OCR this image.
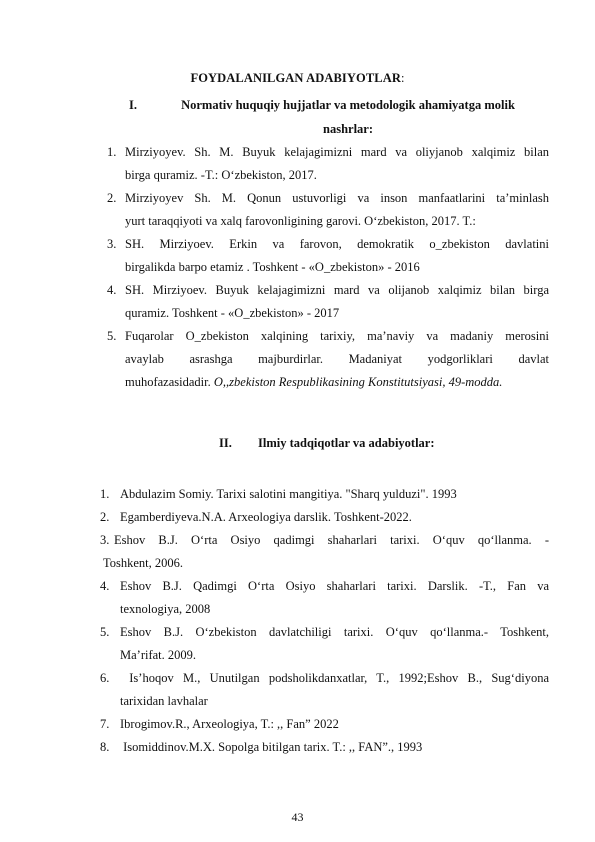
FOYDALANILGAN ADABIYOTLAR:
I.	Normativ huquqiy hujjatlar va metodologik ahamiyatga molik
nashrlar:
1. Mirziyoyev. Sh. M. Buyuk kelajagimizni mard va oliyjanob xalqimiz bilan
birga quramiz. -T.: O‘zbekiston, 2017.
2. Mirziyoyev Sh. M. Qonun ustuvorligi va inson manfaatlarini ta’minlash
yurt taraqqiyoti va xalq farovonligining garovi. O‘zbekiston, 2017. T.:
3. SH. Mirziyoev. Erkin va farovon, demokratik o_zbekiston davlatini
birgalikda barpo etamiz . Toshkent - «O_zbekiston» - 2016
4. SH. Mirziyoev. Buyuk kelajagimizni mard va olijanob xalqimiz bilan birga
quramiz. Toshkent - «O_zbekiston» - 2017
5. Fuqarolar O_zbekiston xalqining tarixiy, ma’naviy va madaniy merosini
avaylab asrashga majburdirlar. Madaniyat yodgorliklari davlat
muhofazasidadir. O,,zbekiston Respublikasining Konstitutsiyasi, 49-modda.
II. Ilmiy tadqiqotlar va adabiyotlar:
1. Abdulazim Somiy. Tarixi salotini mangitiya. "Sharq yulduzi". 1993
2. Egamberdiyeva.N.A. Arxeologiya darslik. Toshkent-2022.
3. Eshov B.J. O‘rta Osiyo qadimgi shaharlari tarixi. O‘quv qo‘llanma. -
Toshkent, 2006.
4. Eshov B.J. Qadimgi O‘rta Osiyo shaharlari tarixi. Darslik. -T., Fan va
texnologiya, 2008
5. Eshov B.J. O‘zbekiston davlatchiligi tarixi. O‘quv qo‘llanma.- Toshkent,
Ma’rifat. 2009.
6. Is’hoqov M., Unutilgan podsholikdanxatlar, T., 1992;Eshov B., Sug‘diyona
tarixidan lavhalar
7. Ibrogimov.R., Arxeologiya, T.: ,, Fan” 2022
8. Isomiddinov.M.X. Sopolga bitilgan tarix. T.: ,, FAN”., 1993
43
